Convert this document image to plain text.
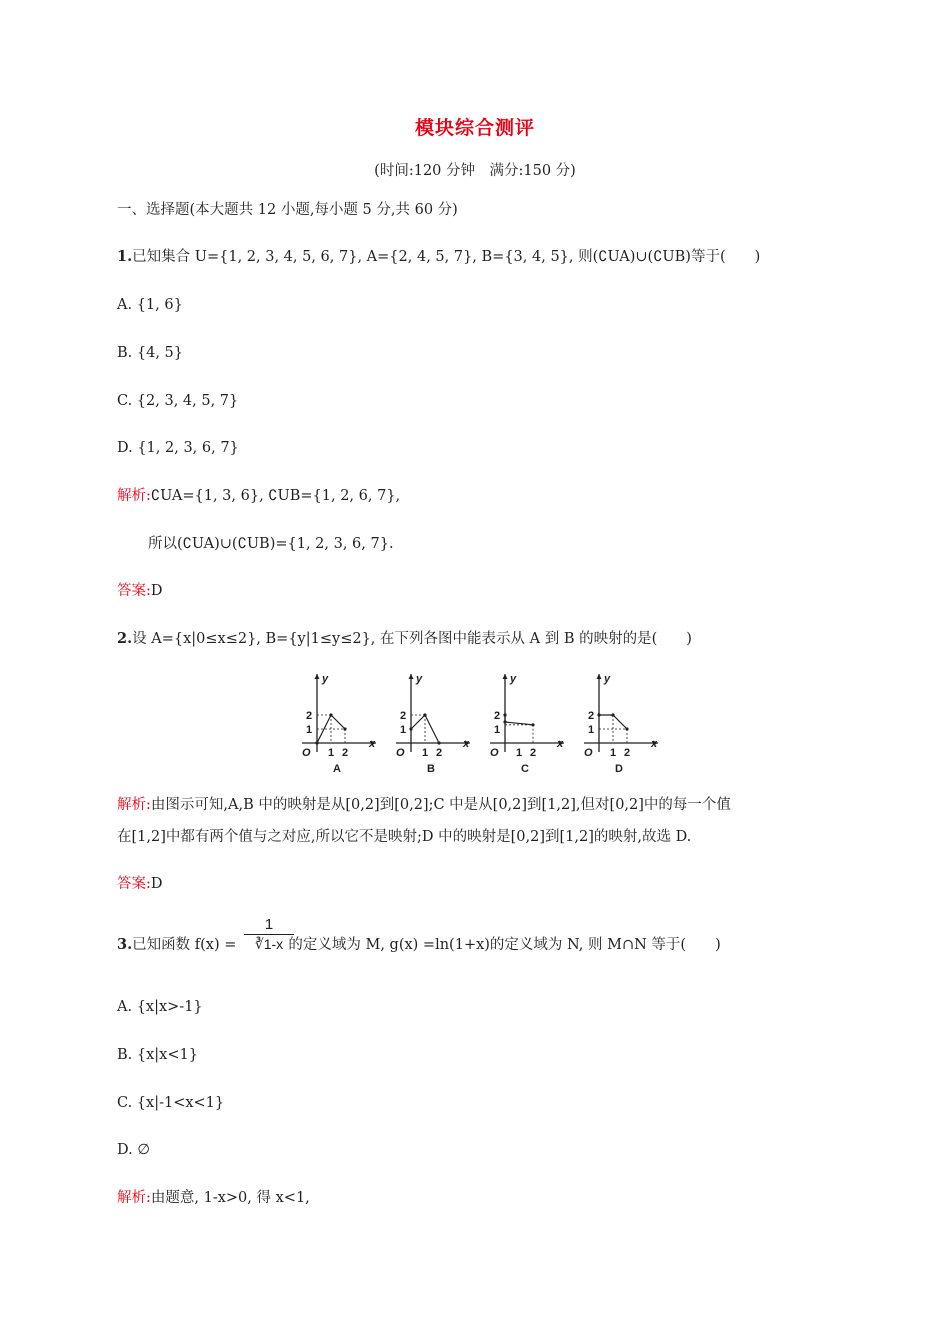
模块综合测评
(时间:120 分钟　满分:150 分)
一、选择题(本大题共 12 小题,每小题 5 分,共 60 分)
1.已知集合 U={1, 2, 3, 4, 5, 6, 7}, A={2, 4, 5, 7}, B={3, 4, 5}, 则(∁UA)∪(∁UB)等于(　　)
A. {1, 6}
B. {4, 5}
C. {2, 3, 4, 5, 7}
D. {1, 2, 3, 6, 7}
解析:∁UA={1, 3, 6}, ∁UB={1, 2, 6, 7},
所以(∁UA)∪(∁UB)={1, 2, 3, 6, 7}.
答案:D
2.设 A={x|0≤x≤2}, B={y|1≤y≤2}, 在下列各图中能表示从 A 到 B 的映射的是(　　)
y
x
O 1 2
1
2
A
y
x
O 1 2
1
2
B
y
x
O 1 2
1
2
C
y
x
O 1 2
1
2
D
解析:由图示可知,A,B 中的映射是从[0,2]到[0,2];C 中是从[0,2]到[1,2],但对[0,2]中的每一个值
在[1,2]中都有两个值与之对应,所以它不是映射;D 中的映射是[0,2]到[1,2]的映射,故选 D.
答案:D
3.已知函数 f(x) =	的定义域为 M, g(x) =ln(1+x)的定义域为 N, 则 M∩N 等于(　　)
$\frac{1}{∛1-x}$
A. {x|x>-1}
B. {x|x<1}
C. {x|-1<x<1}
D. ∅
解析:由题意, 1-x>0, 得 x<1,
